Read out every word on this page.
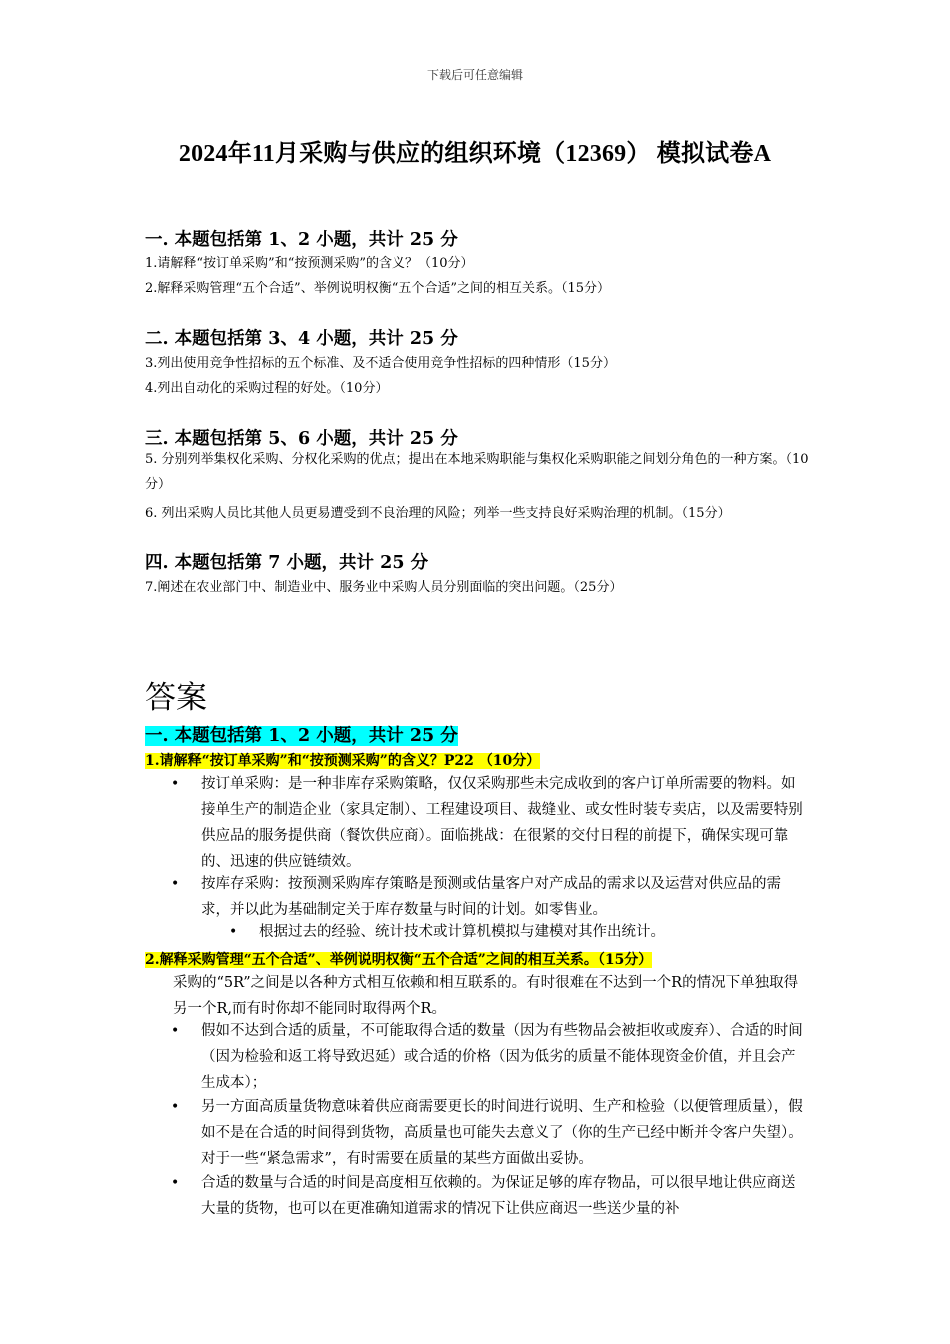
下载后可任意编辑
2024年11月采购与供应的组织环境（12369） 模拟试卷A
一. 本题包括第 1、2 小题，共计 25 分
1.请解释“按订单采购”和“按预测采购”的含义？（10分）
2.解释采购管理“五个合适”、举例说明权衡“五个合适”之间的相互关系。（15分）
二. 本题包括第 3、4 小题，共计 25 分
3.列出使用竞争性招标的五个标准、及不适合使用竞争性招标的四种情形（15分）
4.列出自动化的采购过程的好处。（10分）
三. 本题包括第 5、6 小题，共计 25 分
5. 分别列举集权化采购、分权化采购的优点；提出在本地采购职能与集权化采购职能之间划分角色的一种方案。（10分）
6. 列出采购人员比其他人员更易遭受到不良治理的风险；列举一些支持良好采购治理的机制。（15分）
四. 本题包括第 7 小题，共计 25 分
7.阐述在农业部门中、制造业中、服务业中采购人员分别面临的突出问题。（25分）
答案
一. 本题包括第 1、2 小题，共计 25 分
1.请解释“按订单采购”和“按预测采购”的含义？P22 （10分）
• 按订单采购：是一种非库存采购策略，仅仅采购那些未完成收到的客户订单所需要的物料。如接单生产的制造企业（家具定制）、工程建设项目、裁缝业、或女性时装专卖店，以及需要特别供应品的服务提供商（餐饮供应商）。面临挑战：在很紧的交付日程的前提下，确保实现可靠的、迅速的供应链绩效。
• 按库存采购：按预测采购库存策略是预测或估量客户对产成品的需求以及运营对供应品的需求，并以此为基础制定关于库存数量与时间的计划。如零售业。
• 根据过去的经验、统计技术或计算机模拟与建模对其作出统计。
2.解释采购管理“五个合适”、举例说明权衡“五个合适”之间的相互关系。（15分）
采购的“5R”之间是以各种方式相互依赖和相互联系的。有时很难在不达到一个R的情况下单独取得另一个R,而有时你却不能同时取得两个R。
• 假如不达到合适的质量，不可能取得合适的数量（因为有些物品会被拒收或废弃）、合适的时间（因为检验和返工将导致迟延）或合适的价格（因为低劣的质量不能体现资金价值，并且会产生成本）；
• 另一方面高质量货物意味着供应商需要更长的时间进行说明、生产和检验（以便管理质量），假如不是在合适的时间得到货物，高质量也可能失去意义了（你的生产已经中断并令客户失望）。对于一些“紧急需求”，有时需要在质量的某些方面做出妥协。
• 合适的数量与合适的时间是高度相互依赖的。为保证足够的库存物品，可以很早地让供应商送大量的货物，也可以在更准确知道需求的情况下让供应商迟一些送少量的补
